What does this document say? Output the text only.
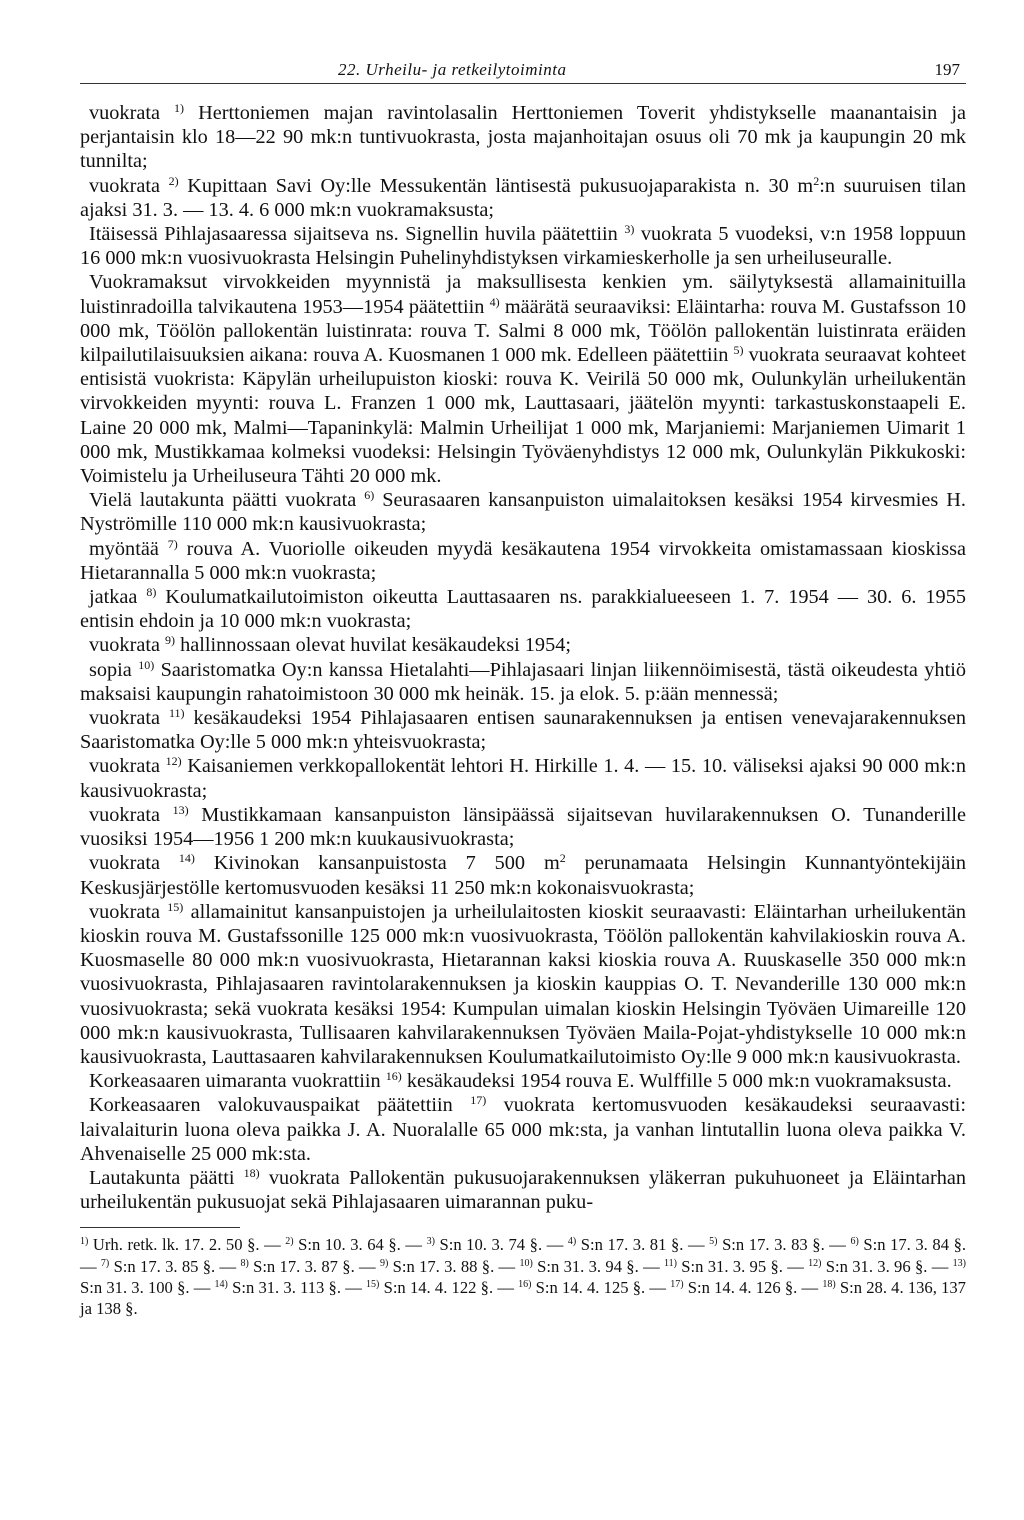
22. Urheilu- ja retkeilytoiminta	197

vuokrata $^{1)}$ Herttoniemen majan ravintolasalin Herttoniemen Toverit yhdistykselle maanantaisin ja perjantaisin klo 18—22 90 mk:n tuntivuokrasta, josta majanhoitajan osuus oli 70 mk ja kaupungin 20 mk tunnilta;

vuokrata $^{2)}$ Kupittaan Savi Oy:lle Messukentän läntisestä pukusuojaparakista n. 30 $m^2:n$ suuruisen tilan ajaksi 31. 3. — 13. 4. 6 000 mk:n vuokramaksusta;

Itäisessä Pihlajasaaressa sijaitseva ns. Signellin huvila päätettiin $^{3)}$ vuokrata 5 vuodeksi, v:n 1958 loppuun 16 000 mk:n vuosivuokrasta Helsingin Puhelinyhdistyksen virkamieskerholle ja sen urheiluseuralle.

Vuokramaksut virvokkeiden myynnistä ja maksullisesta kenkien ym. säilytyksestä allamainituilla luistinradoilla talvikautena 1953—1954 päätettiin $^{4)}$ määrätä seuraaviksi: Eläintarha: rouva M. Gustafsson 10 000 mk, Töölön pallokentän luistinrata: rouva T. Salmi 8 000 mk, Töölön pallokentän luistinrata eräiden kilpailutilaisuuksien aikana: rouva A. Kuosmanen 1 000 mk. Edelleen päätettiin $^{5)}$ vuokrata seuraavat kohteet entisistä vuokrista: Käpylän urheilupuiston kioski: rouva K. Veirilä 50 000 mk, Oulunkylän urheilukentän virvokkeiden myynti: rouva L. Franzen 1 000 mk, Lauttasaari, jäätelön myynti: tarkastuskonstaapeli E. Laine 20 000 mk, Malmi—Tapaninkylä: Malmin Urheilijat 1 000 mk, Marjaniemi: Marjaniemen Uimarit 1 000 mk, Mustikkamaa kolmeksi vuodeksi: Helsingin Työväenyhdistys 12 000 mk, Oulunkylän Pikkukoski: Voimistelu ja Urheiluseura Tähti 20 000 mk.

Vielä lautakunta päätti vuokrata $^{6)}$ Seurasaaren kansanpuiston uimalaitoksen kesäksi 1954 kirvesmies H. Nyströmille 110 000 mk:n kausivuokrasta;

myöntää $^{7)}$ rouva A. Vuoriolle oikeuden myydä kesäkautena 1954 virvokkeita omistamassaan kioskissa Hietarannalla 5 000 mk:n vuokrasta;

jatkaa $^{8)}$ Koulumatkailutoimiston oikeutta Lauttasaaren ns. parakkialueeseen 1. 7. 1954 — 30. 6. 1955 entisin ehdoin ja 10 000 mk:n vuokrasta;

vuokrata $^{9)}$ hallinnossaan olevat huvilat kesäkaudeksi 1954;

sopia $^{10)}$ Saaristomatka Oy:n kanssa Hietalahti—Pihlajasaari linjan liikennöimisestä, tästä oikeudesta yhtiö maksaisi kaupungin rahatoimistoon 30 000 mk heinäk. 15. ja elok. 5. p:ään mennessä;

vuokrata $^{11)}$ kesäkaudeksi 1954 Pihlajasaaren entisen saunarakennuksen ja entisen venevajarakennuksen Saaristomatka Oy:lle 5 000 mk:n yhteisvuokrasta;

vuokrata $^{12)}$ Kaisaniemen verkkopallokentät lehtori H. Hirkille 1. 4. — 15. 10. väliseksi ajaksi 90 000 mk:n kausivuokrasta;

vuokrata $^{13)}$ Mustikkamaan kansanpuiston länsipäässä sijaitsevan huvilarakennuksen O. Tunanderille vuosiksi 1954—1956 1 200 mk:n kuukausivuokrasta;

vuokrata $^{14)}$ Kivinokan kansanpuistosta 7 500 $m^2$ perunamaata Helsingin Kunnantyöntekijäin Keskusjärjestölle kertomusvuoden kesäksi 11 250 mk:n kokonaisvuokrasta;

vuokrata $^{15)}$ allamainitut kansanpuistojen ja urheilulaitosten kioskit seuraavasti: Eläintarhan urheilukentän kioskin rouva M. Gustafssonille 125 000 mk:n vuosivuokrasta, Töölön pallokentän kahvilakioskin rouva A. Kuosmaselle 80 000 mk:n vuosivuokrasta, Hietarannan kaksi kioskia rouva A. Ruuskaselle 350 000 mk:n vuosivuokrasta, Pihlajasaaren ravintolarakennuksen ja kioskin kauppias O. T. Nevanderille 130 000 mk:n vuosivuokrasta; sekä vuokrata kesäksi 1954: Kumpulan uimalan kioskin Helsingin Työväen Uimareille 120 000 mk:n kausivuokrasta, Tullisaaren kahvilarakennuksen Työväen Maila-Pojat-yhdistykselle 10 000 mk:n kausivuokrasta, Lauttasaaren kahvilarakennuksen Koulumatkailutoimisto Oy:lle 9 000 mk:n kausivuokrasta.

Korkeasaaren uimaranta vuokrattiin $^{16)}$ kesäkaudeksi 1954 rouva E. Wulffille 5 000 mk:n vuokramaksusta.

Korkeasaaren valokuvauspaikat päätettiin $^{17)}$ vuokrata kertomusvuoden kesäkaudeksi seuraavasti: laivalaiturin luona oleva paikka J. A. Nuoralalle 65 000 mk:sta, ja vanhan lintutallin luona oleva paikka V. Ahvenaiselle 25 000 mk:sta.

Lautakunta päätti $^{18)}$ vuokrata Pallokentän pukusuojarakennuksen yläkerran pukuhuoneet ja Eläintarhan urheilukentän pukusuojat sekä Pihlajasaaren uimarannan puku-

$^{1)}$ Urh. retk. lk. 17. 2. 50 §. — $^{2)}$ S:n 10. 3. 64 §. — $^{3)}$ S:n 10. 3. 74 §. — $^{4)}$ S:n 17. 3. 81 §. — $^{5)}$ S:n 17. 3. 83 §. — $^{6)}$ S:n 17. 3. 84 §. — $^{7)}$ S:n 17. 3. 85 §. — $^{8)}$ S:n 17. 3. 87 §. — $^{9)}$ S:n 17. 3. 88 §. — $^{10)}$ S:n 31. 3. 94 §. — $^{11)}$ S:n 31. 3. 95 §. — $^{12)}$ S:n 31. 3. 96 §. — $^{13)}$ S:n 31. 3. 100 §. — $^{14)}$ S:n 31. 3. 113 §. — $^{15)}$ S:n 14. 4. 122 §. — $^{16)}$ S:n 14. 4. 125 §. — $^{17)}$ S:n 14. 4. 126 §. — $^{18)}$ S:n 28. 4. 136, 137 ja 138 §.
